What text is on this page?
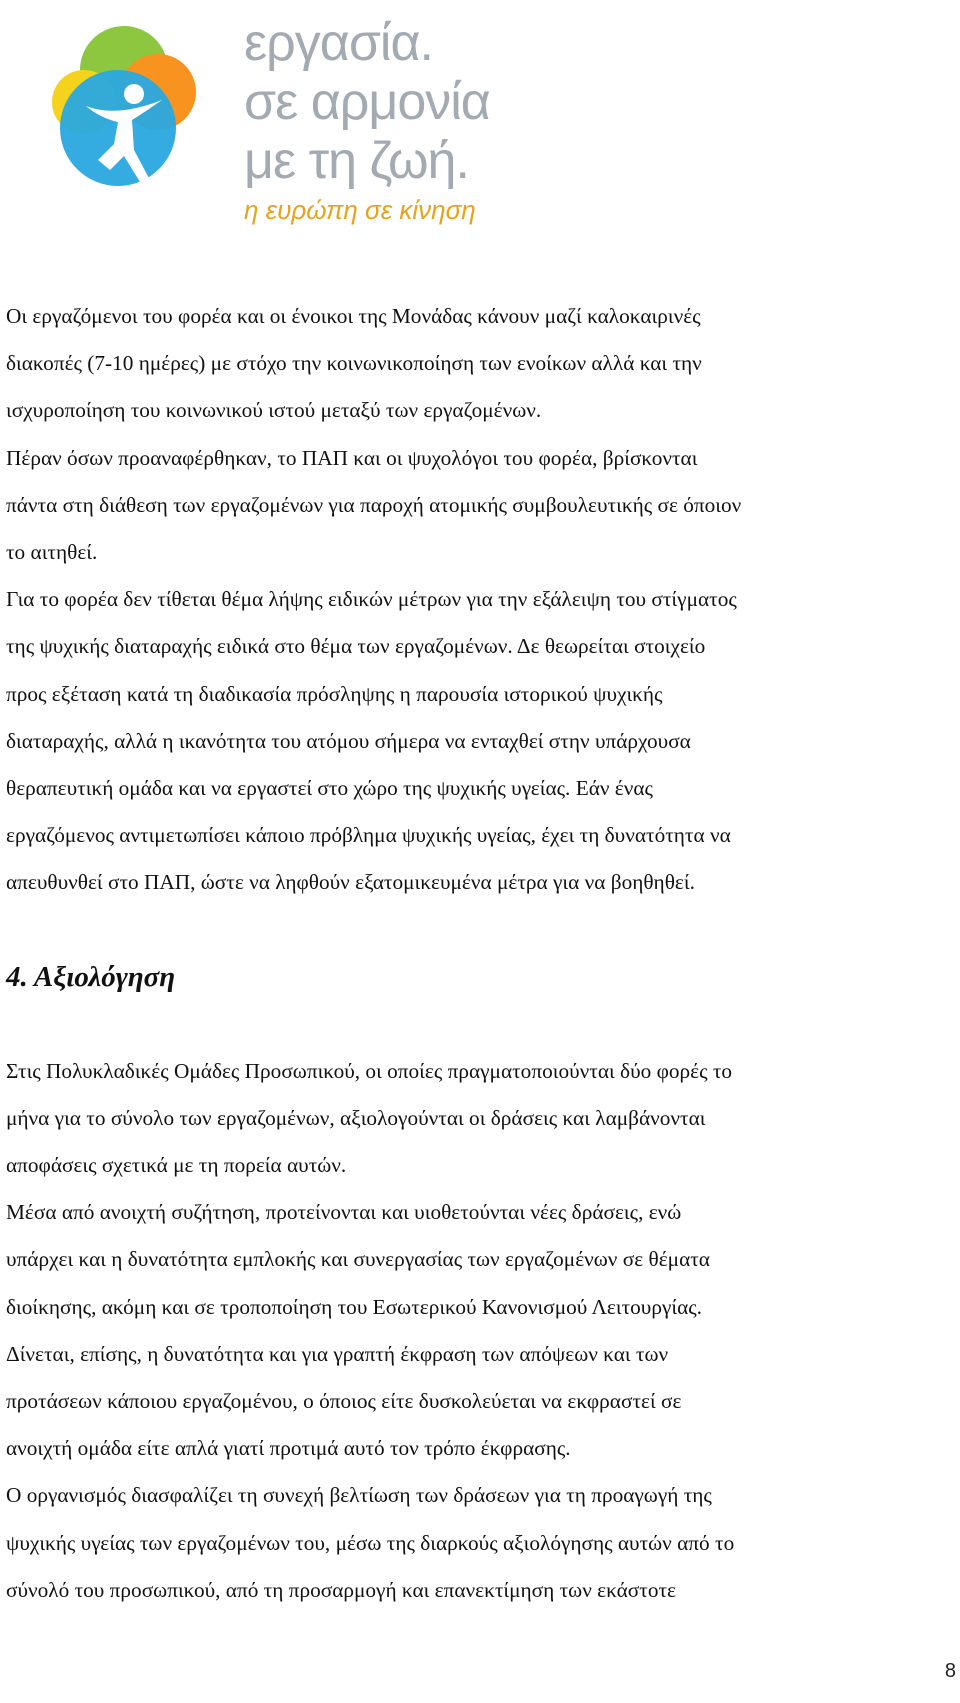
εργασία.
σε αρμονία
με τη ζωή.
η ευρώπη σε κίνηση

Οι εργαζόμενοι του φορέα και οι ένοικοι της Μονάδας κάνουν μαζί καλοκαιρινές

διακοπές (7-10 ημέρες) με στόχο την κοινωνικοποίηση των ενοίκων αλλά και την

ισχυροποίηση του κοινωνικού ιστού μεταξύ των εργαζομένων.

Πέραν όσων προαναφέρθηκαν, το ΠΑΠ και οι ψυχολόγοι του φορέα, βρίσκονται

πάντα στη διάθεση των εργαζομένων για παροχή ατομικής συμβουλευτικής σε όποιον

το αιτηθεί.

Για το φορέα δεν τίθεται θέμα λήψης ειδικών μέτρων για την εξάλειψη του στίγματος

της ψυχικής διαταραχής ειδικά στο θέμα των εργαζομένων. Δε θεωρείται στοιχείο

προς εξέταση κατά τη διαδικασία πρόσληψης η παρουσία ιστορικού ψυχικής

διαταραχής, αλλά η ικανότητα του ατόμου σήμερα να ενταχθεί στην υπάρχουσα

θεραπευτική ομάδα και να εργαστεί στο χώρο της ψυχικής υγείας. Εάν ένας

εργαζόμενος αντιμετωπίσει κάποιο πρόβλημα ψυχικής υγείας, έχει τη δυνατότητα να

απευθυνθεί στο ΠΑΠ, ώστε να ληφθούν εξατομικευμένα μέτρα για να βοηθηθεί.

4. Αξιολόγηση

Στις Πολυκλαδικές Ομάδες Προσωπικού, οι οποίες πραγματοποιούνται δύο φορές το

μήνα για το σύνολο των εργαζομένων, αξιολογούνται οι δράσεις και λαμβάνονται

αποφάσεις σχετικά με τη πορεία αυτών.

Μέσα από ανοιχτή συζήτηση, προτείνονται και υιοθετούνται νέες δράσεις, ενώ

υπάρχει και η δυνατότητα εμπλοκής και συνεργασίας των εργαζομένων σε θέματα

διοίκησης, ακόμη και σε τροποποίηση του Εσωτερικού Κανονισμού Λειτουργίας.

Δίνεται, επίσης, η δυνατότητα και για γραπτή έκφραση των απόψεων και των

προτάσεων κάποιου εργαζομένου, ο όποιος είτε δυσκολεύεται να εκφραστεί σε

ανοιχτή ομάδα είτε απλά γιατί προτιμά αυτό τον τρόπο έκφρασης.

Ο οργανισμός διασφαλίζει τη συνεχή βελτίωση των δράσεων για τη προαγωγή της

ψυχικής υγείας των εργαζομένων του, μέσω της διαρκούς αξιολόγησης αυτών από το

σύνολό του προσωπικού, από τη προσαρμογή και επανεκτίμηση των εκάστοτε

8
